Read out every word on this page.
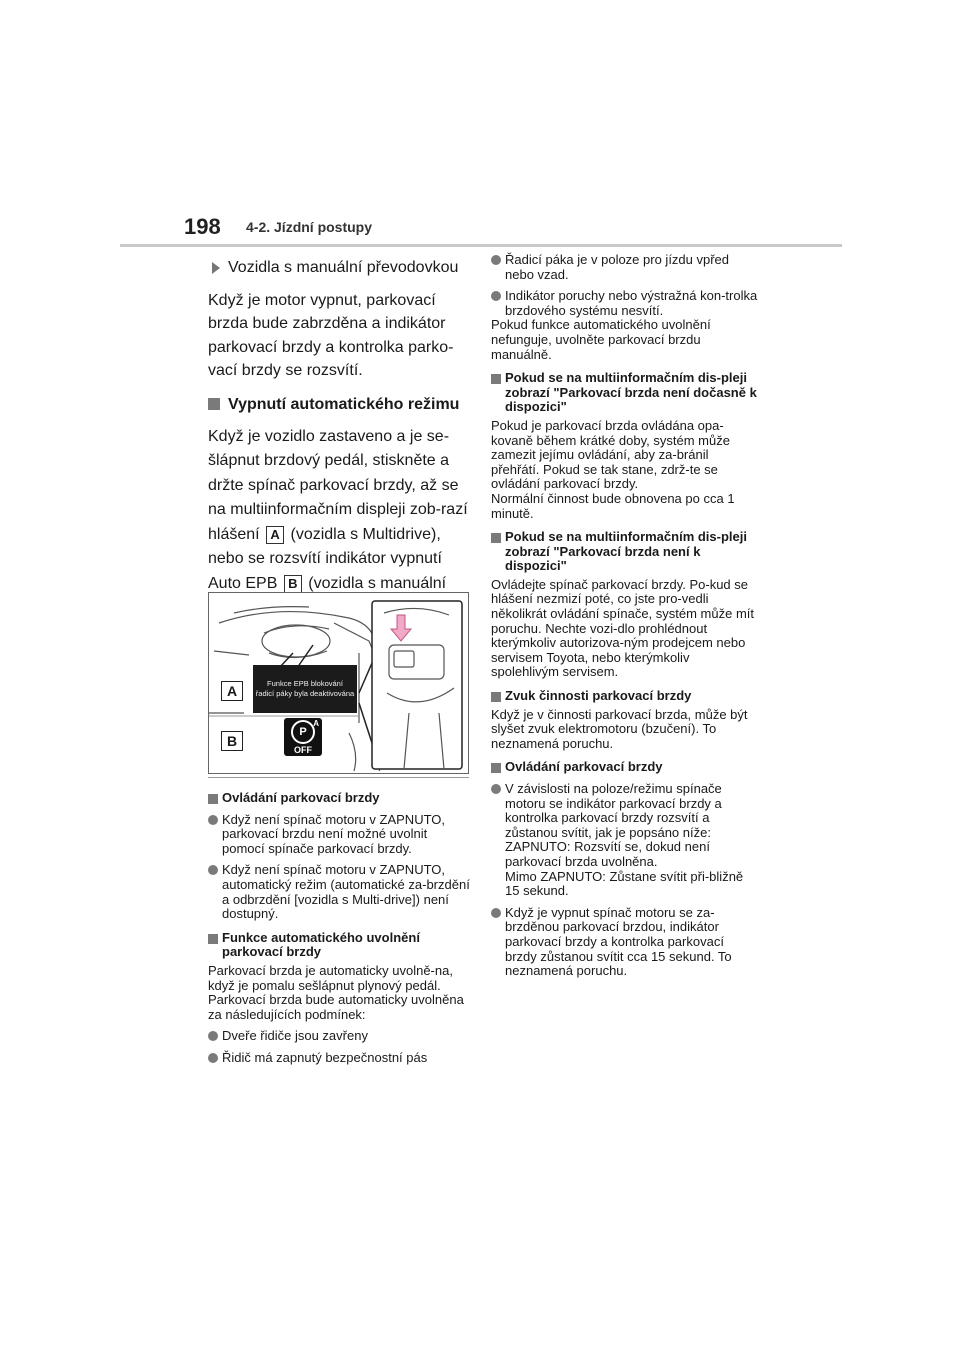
198 4-2. Jízdní postupy
Vozidla s manuální převodovkou

Když je motor vypnut, parkovací brzda bude zabrzděna a indikátor parkovací brzdy a kontrolka parko-vací brzdy se rozsvítí.

Vypnutí automatického režimu

Když je vozidlo zastaveno a je se-šlápnut brzdový pedál, stiskněte a držte spínač parkovací brzdy, až se na multiinformačním displeji zob-razí hlášení A (vozidla s Multidrive), nebo se rozsvítí indikátor vypnutí Auto EPB B (vozidla s manuální

Funkce EPB blokování
řadicí páky byla deaktivována
A
B
P
A
OFF
Ovládání parkovací brzdy
Když není spínač motoru v ZAPNUTO, parkovací brzdu není možné uvolnit pomocí spínače parkovací brzdy.
Když není spínač motoru v ZAPNUTO, automatický režim (automatické za-brzdění a odbrzdění [vozidla s Multi-drive]) není dostupný.
Funkce automatického uvolnění parkovací brzdy

Parkovací brzda je automaticky uvolně-na, když je pomalu sešlápnut plynový pedál.
Parkovací brzda bude automaticky uvolněna za následujících podmínek:

Dveře řidiče jsou zavřeny
Řidič má zapnutý bezpečnostní pás
Řadicí páka je v poloze pro jízdu vpřed nebo vzad.
Indikátor poruchy nebo výstražná kon-trolka brzdového systému nesvítí.

Pokud funkce automatického uvolnění nefunguje, uvolněte parkovací brzdu manuálně.

Pokud se na multiinformačním dis-pleji zobrazí "Parkovací brzda není dočasně k dispozici"

Pokud je parkovací brzda ovládána opa-kovaně během krátké doby, systém může zamezit jejímu ovládání, aby za-bránil přehřátí. Pokud se tak stane, zdrž-te se ovládání parkovací brzdy.
Normální činnost bude obnovena po cca 1 minutě.

Pokud se na multiinformačním dis-pleji zobrazí "Parkovací brzda není k dispozici"

Ovládejte spínač parkovací brzdy. Po-kud se hlášení nezmizí poté, co jste pro-vedli několikrát ovládání spínače, systém může mít poruchu. Nechte vozi-dlo prohlédnout kterýmkoliv autorizova-ným prodejcem nebo servisem Toyota, nebo kterýmkoliv spolehlivým servisem.

Zvuk činnosti parkovací brzdy

Když je v činnosti parkovací brzda, může být slyšet zvuk elektromotoru (bzučení). To neznamená poruchu.

Ovládání parkovací brzdy
V závislosti na poloze/režimu spínače motoru se indikátor parkovací brzdy a kontrolka parkovací brzdy rozsvítí a zůstanou svítit, jak je popsáno níže:
ZAPNUTO: Rozsvítí se, dokud není parkovací brzda uvolněna.
Mimo ZAPNUTO: Zůstane svítit při-bližně 15 sekund.
Když je vypnut spínač motoru se za-brzděnou parkovací brzdou, indikátor parkovací brzdy a kontrolka parkovací brzdy zůstanou svítit cca 15 sekund. To neznamená poruchu.
